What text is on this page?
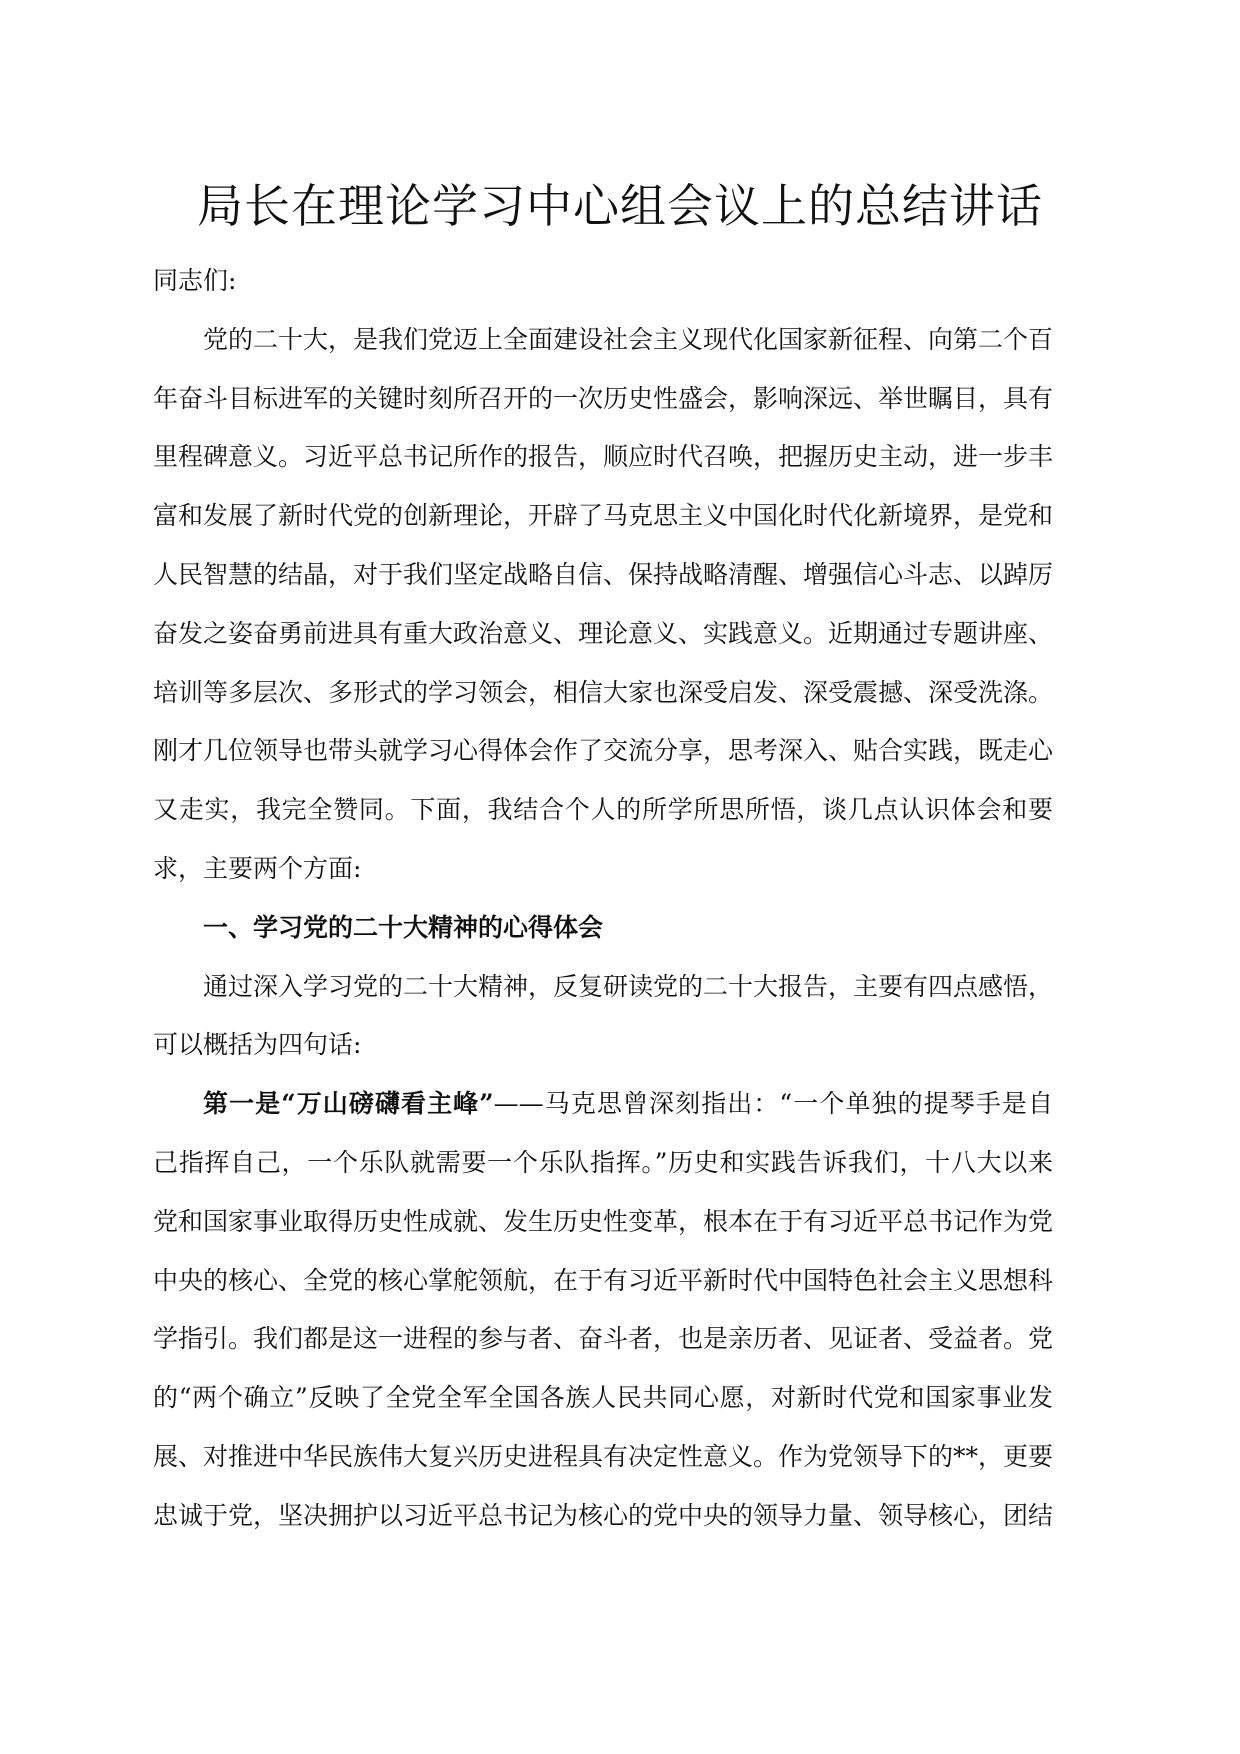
局长在理论学习中心组会议上的总结讲话
同志们:
党的二十大，是我们党迈上全面建设社会主义现代化国家新征程、向第二个百
年奋斗目标进军的关键时刻所召开的一次历史性盛会，影响深远、举世瞩目，具有
里程碑意义。习近平总书记所作的报告，顺应时代召唤，把握历史主动，进一步丰
富和发展了新时代党的创新理论，开辟了马克思主义中国化时代化新境界，是党和
人民智慧的结晶，对于我们坚定战略自信、保持战略清醒、增强信心斗志、以踔厉
奋发之姿奋勇前进具有重大政治意义、理论意义、实践意义。近期通过专题讲座、
培训等多层次、多形式的学习领会，相信大家也深受启发、深受震撼、深受洗涤。
刚才几位领导也带头就学习心得体会作了交流分享，思考深入、贴合实践，既走心
又走实，我完全赞同。下面，我结合个人的所学所思所悟，谈几点认识体会和要
求，主要两个方面:
一、学习党的二十大精神的心得体会
通过深入学习党的二十大精神，反复研读党的二十大报告，主要有四点感悟，
可以概括为四句话:
第一是“万山磅礴看主峰”——马克思曾深刻指出：“一个单独的提琴手是自
己指挥自己，一个乐队就需要一个乐队指挥。”历史和实践告诉我们，十八大以来
党和国家事业取得历史性成就、发生历史性变革，根本在于有习近平总书记作为党
中央的核心、全党的核心掌舵领航，在于有习近平新时代中国特色社会主义思想科
学指引。我们都是这一进程的参与者、奋斗者，也是亲历者、见证者、受益者。党
的“两个确立”反映了全党全军全国各族人民共同心愿，对新时代党和国家事业发
展、对推进中华民族伟大复兴历史进程具有决定性意义。作为党领导下的**，更要
忠诚于党，坚决拥护以习近平总书记为核心的党中央的领导力量、领导核心，团结
